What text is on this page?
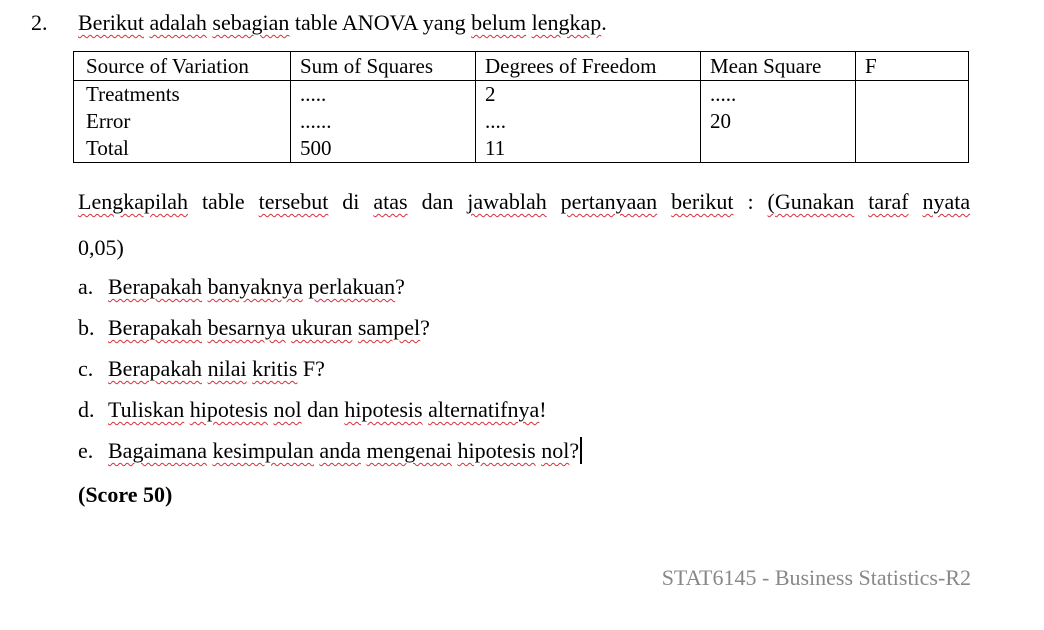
2. Berikut adalah sebagian table ANOVA yang belum lengkap.
Source of Variation	Sum of Squares	Degrees of Freedom	Mean Square	F
Treatments	.....	2	.....	
Error	......	....	20	
Total	500	11		
Lengkapilah table tersebut di atas dan jawablah pertanyaan berikut : (Gunakan taraf nyata
0,05)
a. Berapakah banyaknya perlakuan?
b. Berapakah besarnya ukuran sampel?
c. Berapakah nilai kritis F?
d. Tuliskan hipotesis nol dan hipotesis alternatifnya!
e. Bagaimana kesimpulan anda mengenai hipotesis nol?
(Score 50)
STAT6145 - Business Statistics-R2
